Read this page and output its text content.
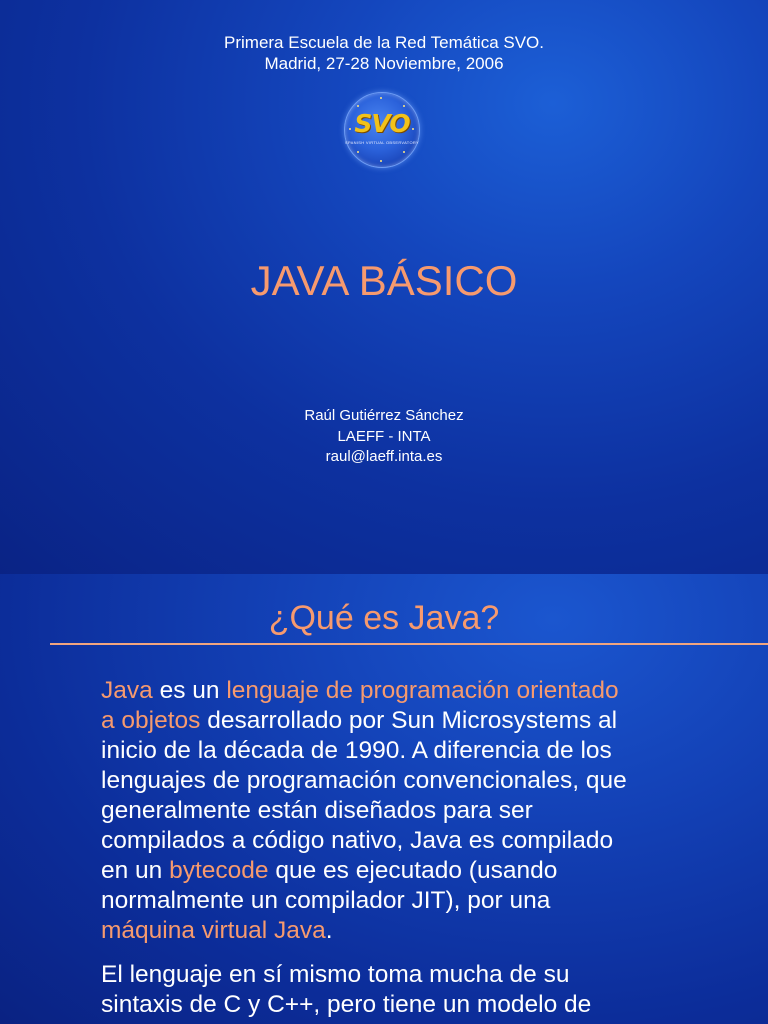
Primera Escuela de la Red Temática SVO.
Madrid, 27-28 Noviembre, 2006
SVO
SPANISH VIRTUAL OBSERVATORY
JAVA BÁSICO
Raúl Gutiérrez Sánchez
LAEFF - INTA
raul@laeff.inta.es
¿Qué es Java?
Java es un lenguaje de programación orientado
a objetos desarrollado por Sun Microsystems al
inicio de la década de 1990. A diferencia de los
lenguajes de programación convencionales, que
generalmente están diseñados para ser
compilados a código nativo, Java es compilado
en un bytecode que es ejecutado (usando
normalmente un compilador JIT), por una
máquina virtual Java.
El lenguaje en sí mismo toma mucha de su
sintaxis de C y C++, pero tiene un modelo de
